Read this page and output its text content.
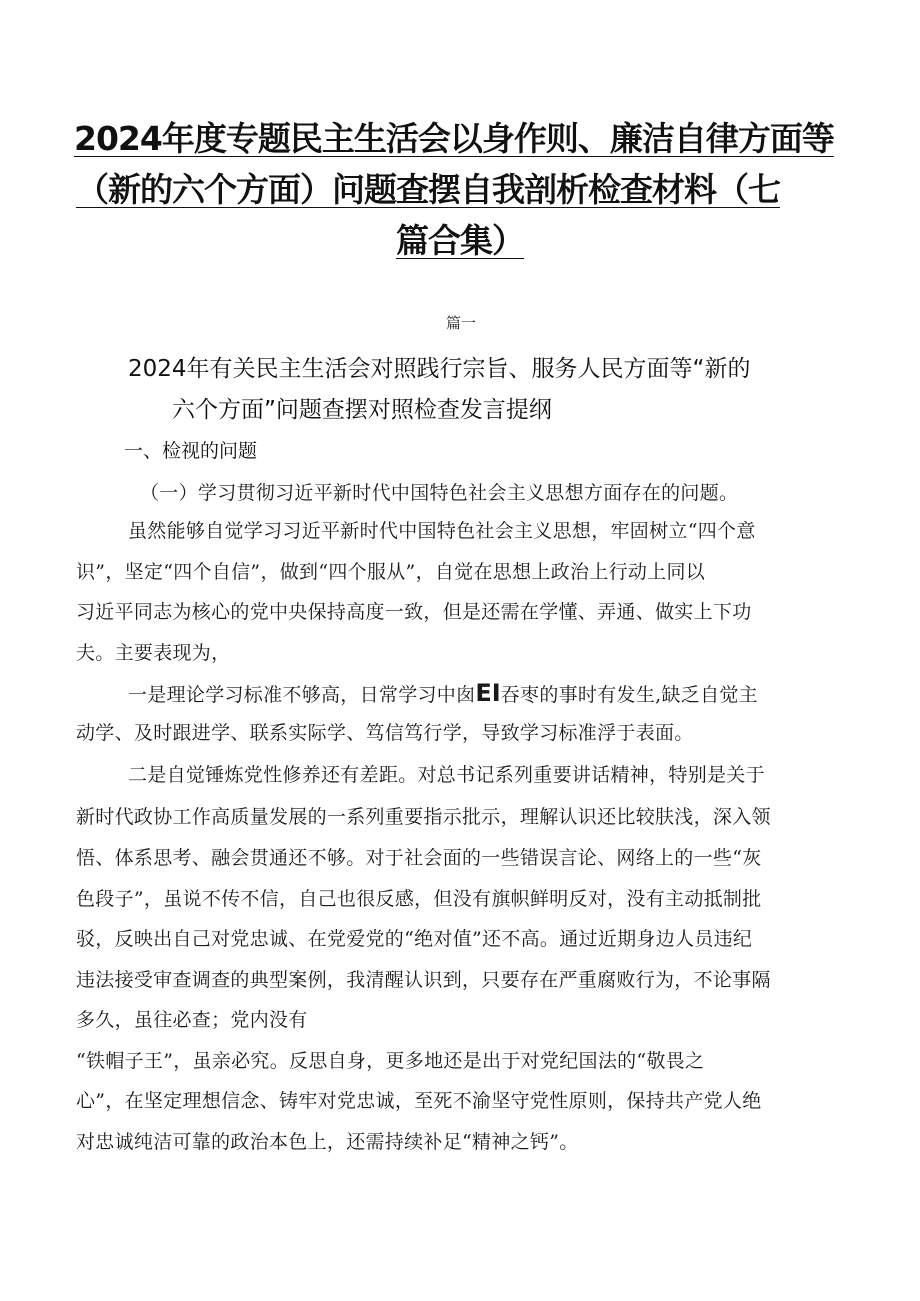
2024年度专题民主生活会以身作则、廉洁自律方面等
（新的六个方面）问题查摆自我剖析检查材料（七
篇合集）
篇一
2024年有关民主生活会对照践行宗旨、服务人民方面等“新的
六个方面”问题查摆对照检查发言提纲
一、检视的问题
（一）学习贯彻习近平新时代中国特色社会主义思想方面存在的问题。
虽然能够自觉学习习近平新时代中国特色社会主义思想，牢固树立“四个意
识”，坚定“四个自信”，做到“四个服从”，自觉在思想上政治上行动上同以
习近平同志为核心的党中央保持高度一致，但是还需在学懂、弄通、做实上下功
夫。主要表现为，
一是理论学习标准不够高，日常学习中囱EI吞枣的事时有发生,缺乏自觉主
动学、及时跟进学、联系实际学、笃信笃行学，导致学习标准浮于表面。
二是自觉锤炼党性修养还有差距。对总书记系列重要讲话精神，特别是关于
新时代政协工作高质量发展的一系列重要指示批示，理解认识还比较肤浅，深入领
悟、体系思考、融会贯通还不够。对于社会面的一些错误言论、网络上的一些“灰
色段子”，虽说不传不信，自己也很反感，但没有旗帜鲜明反对，没有主动抵制批
驳，反映出自己对党忠诚、在党爱党的“绝对值”还不高。通过近期身边人员违纪
违法接受审查调查的典型案例，我清醒认识到，只要存在严重腐败行为，不论事隔
多久，虽往必查；党内没有
“铁帽子王”，虽亲必究。反思自身，更多地还是出于对党纪国法的“敬畏之
心”，在坚定理想信念、铸牢对党忠诚，至死不渝坚守党性原则，保持共产党人绝
对忠诚纯洁可靠的政治本色上，还需持续补足“精神之钙”。
